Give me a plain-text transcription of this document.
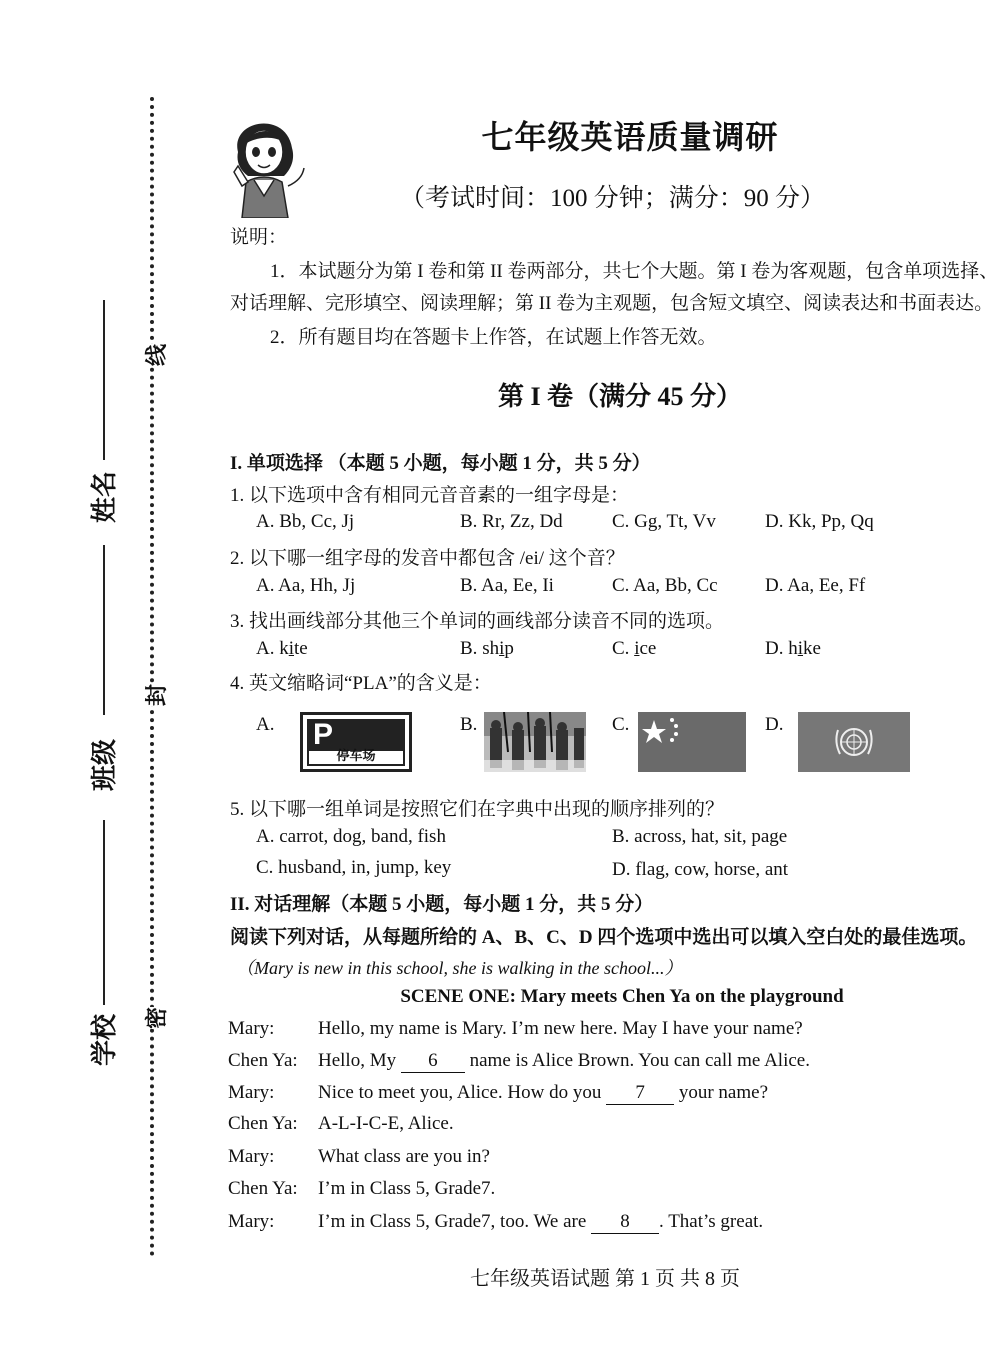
线
封
密
姓名
班级
学校
七年级英语质量调研
（考试时间：100 分钟；满分：90 分）
说明：
1．本试题分为第 I 卷和第 II 卷两部分，共七个大题。第 I 卷为客观题，包含单项选择、
对话理解、完形填空、阅读理解；第 II 卷为主观题，包含短文填空、阅读表达和书面表达。
2．所有题目均在答题卡上作答，在试题上作答无效。
第 I 卷（满分 45 分）
I. 单项选择 （本题 5 小题，每小题 1 分，共 5 分）
1. 以下选项中含有相同元音音素的一组字母是：
A. Bb, Cc, Jj	B. Rr, Zz, Dd	C. Gg, Tt, Vv	D. Kk, Pp, Qq
2. 以下哪一组字母的发音中都包含 /ei/ 这个音？
A. Aa, Hh, Jj	B. Aa, Ee, Ii	C. Aa, Bb, Cc D. Aa, Ee, Ff
3. 找出画线部分其他三个单词的画线部分读音不同的选项。
A. kite	B. ship	C. ice	D. hike
4. 英文缩略词“PLA”的含义是：
A.	B.	C.	D.
P
停车场
5. 以下哪一组单词是按照它们在字典中出现的顺序排列的？
A. carrot, dog, band, fish	B. across, hat, sit, page
C. husband, in, jump, key	D. flag, cow, horse, ant
II. 对话理解（本题 5 小题，每小题 1 分，共 5 分）
阅读下列对话，从每题所给的 A、B、C、D 四个选项中选出可以填入空白处的最佳选项。
（Mary is new in this school, she is walking in the school...）
SCENE ONE: Mary meets Chen Ya on the playground
Mary: Hello, my name is Mary. I’m new here. May I have your name?
Chen Ya: Hello, My 6 name is Alice Brown. You can call me Alice.
Mary: Nice to meet you, Alice. How do you 7 your name?
Chen Ya: A-L-I-C-E, Alice.
Mary: What class are you in?
Chen Ya: I’m in Class 5, Grade7.
Mary: I’m in Class 5, Grade7, too. We are 8 . That’s great.
七年级英语试题 第 1 页 共 8 页
